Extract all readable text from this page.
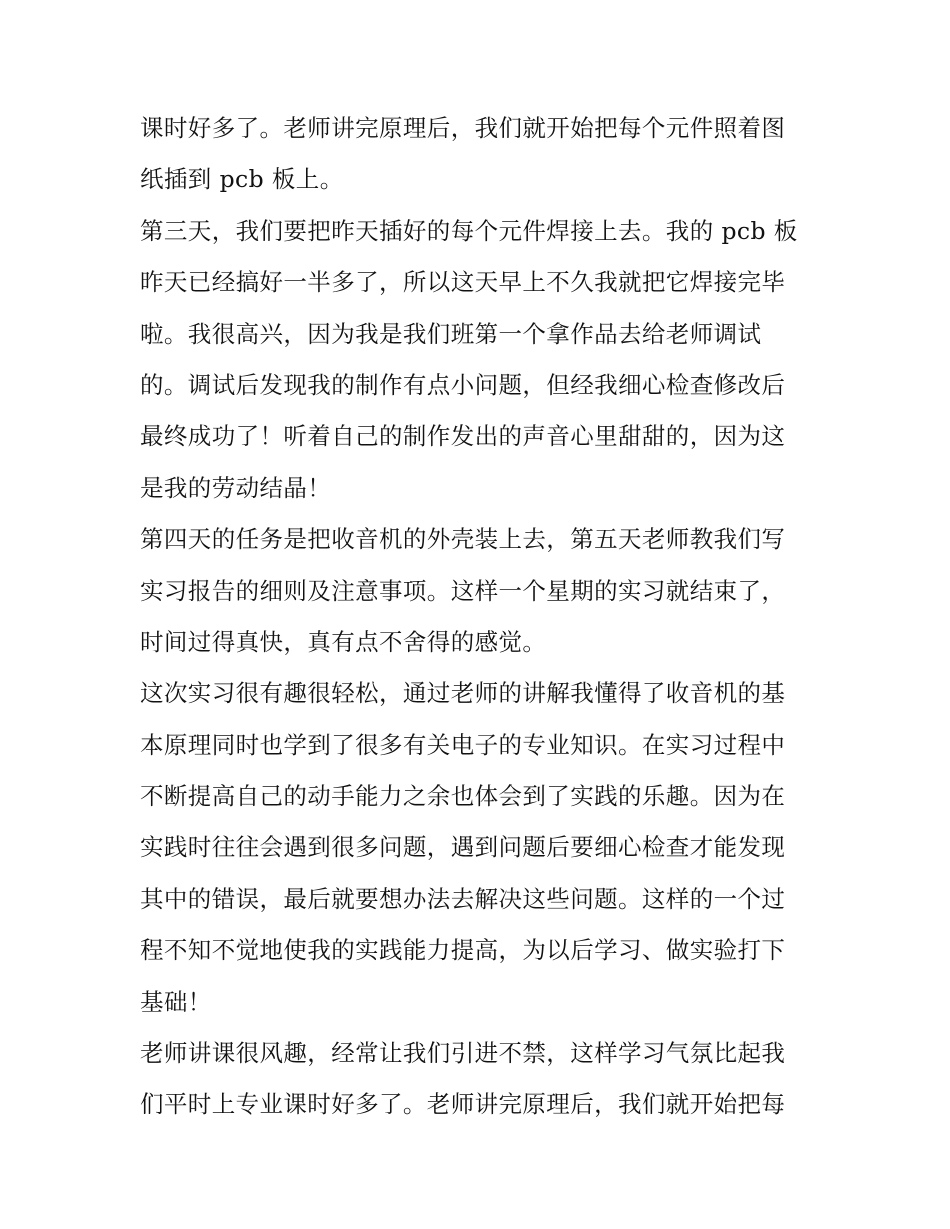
课时好多了。老师讲完原理后，我们就开始把每个元件照着图
纸插到 pcb 板上。
第三天，我们要把昨天插好的每个元件焊接上去。我的 pcb 板
昨天已经搞好一半多了，所以这天早上不久我就把它焊接完毕
啦。我很高兴，因为我是我们班第一个拿作品去给老师调试
的。调试后发现我的制作有点小问题，但经我细心检查修改后
最终成功了！听着自己的制作发出的声音心里甜甜的，因为这
是我的劳动结晶！
第四天的任务是把收音机的外壳装上去，第五天老师教我们写
实习报告的细则及注意事项。这样一个星期的实习就结束了，
时间过得真快，真有点不舍得的感觉。
这次实习很有趣很轻松，通过老师的讲解我懂得了收音机的基
本原理同时也学到了很多有关电子的专业知识。在实习过程中
不断提高自己的动手能力之余也体会到了实践的乐趣。因为在
实践时往往会遇到很多问题，遇到问题后要细心检查才能发现
其中的错误，最后就要想办法去解决这些问题。这样的一个过
程不知不觉地使我的实践能力提高，为以后学习、做实验打下
基础！
老师讲课很风趣，经常让我们引进不禁，这样学习气氛比起我
们平时上专业课时好多了。老师讲完原理后，我们就开始把每
